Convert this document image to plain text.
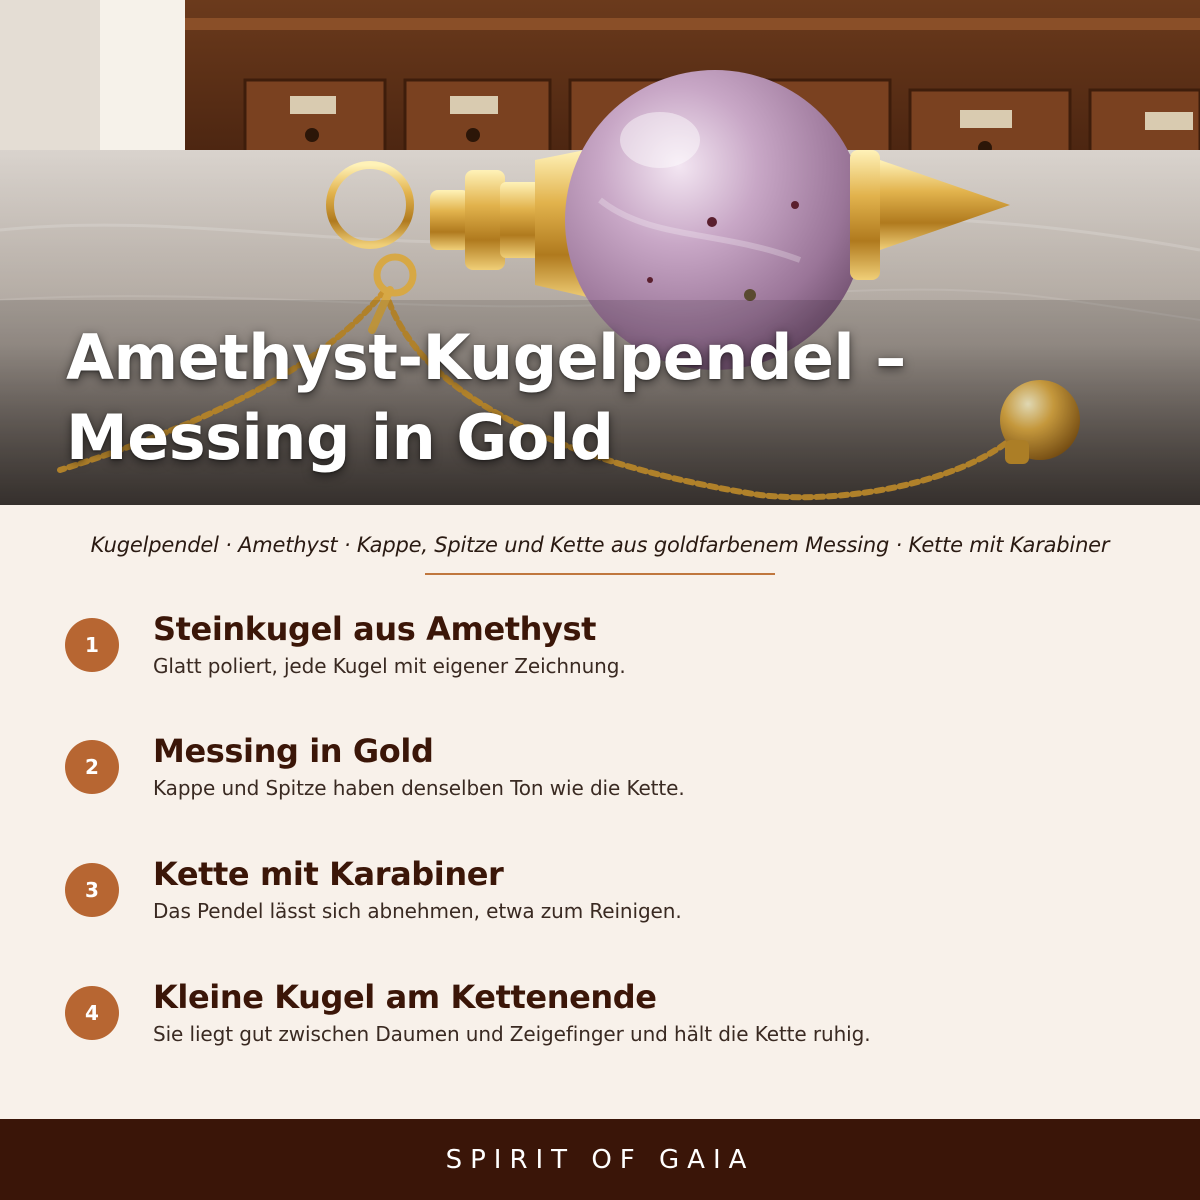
Amethyst-Kugelpendel –
Messing in Gold
Kugelpendel · Amethyst · Kappe, Spitze und Kette aus goldfarbenem Messing · Kette mit Karabiner
1	Steinkugel aus Amethyst
Glatt poliert, jede Kugel mit eigener Zeichnung.
2	Messing in Gold
Kappe und Spitze haben denselben Ton wie die Kette.
3	Kette mit Karabiner
Das Pendel lässt sich abnehmen, etwa zum Reinigen.
4	Kleine Kugel am Kettenende
Sie liegt gut zwischen Daumen und Zeigefinger und hält die Kette ruhig.
SPIRIT OF GAIA
